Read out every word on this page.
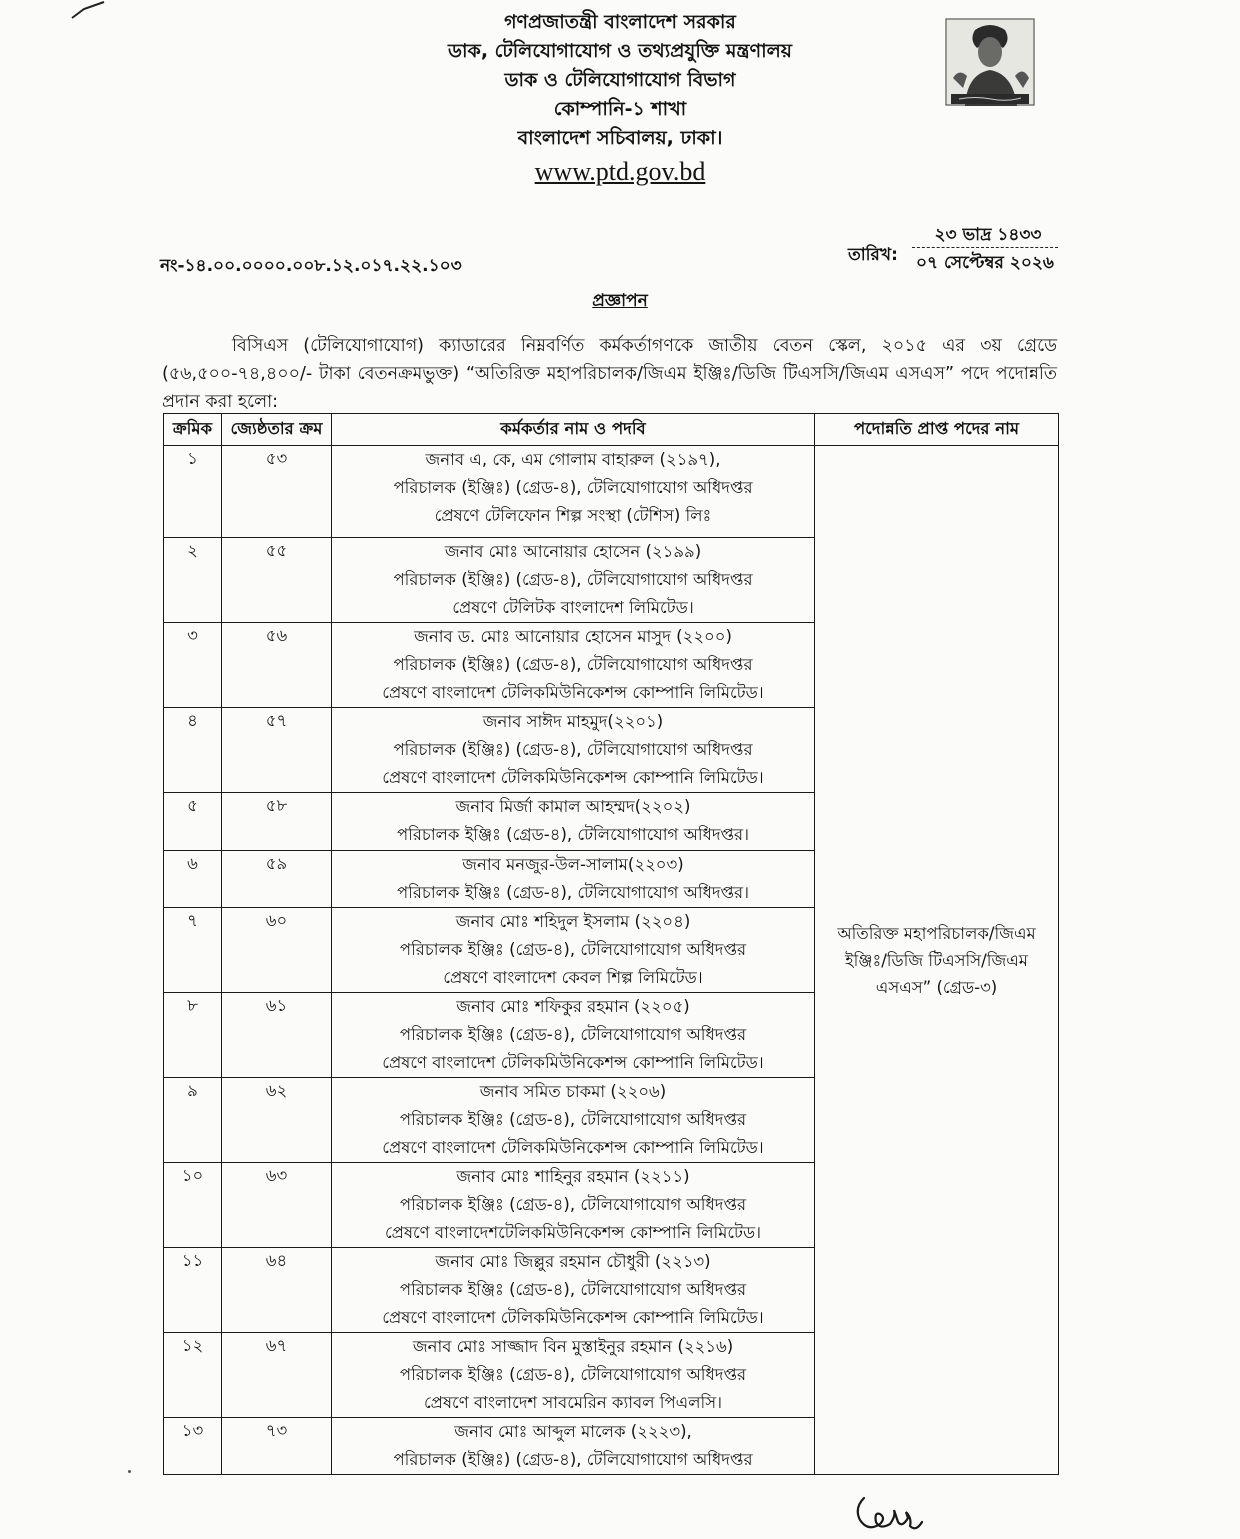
গণপ্রজাতন্ত্রী বাংলাদেশ সরকার
ডাক, টেলিযোগাযোগ ও তথ্যপ্রযুক্তি মন্ত্রণালয়
ডাক ও টেলিযোগাযোগ বিভাগ
কোম্পানি-১ শাখা
বাংলাদেশ সচিবালয়, ঢাকা।
www.ptd.gov.bd
নং-১৪.০০.০০০০.০০৮.১২.০১৭.২২.১০৩
তারিখ:
২৩ ভাদ্র ১৪৩৩
০৭ সেপ্টেম্বর ২০২৬
প্রজ্ঞাপন
বিসিএস (টেলিযোগাযোগ) ক্যাডারের নিম্নবর্ণিত কর্মকর্তাগণকে জাতীয় বেতন স্কেল, ২০১৫ এর ৩য় গ্রেডে (৫৬,৫০০-৭৪,৪০০/- টাকা বেতনক্রমভুক্ত) “অতিরিক্ত মহাপরিচালক/জিএম ইঞ্জিঃ/ডিজি টিএসসি/জিএম এসএস” পদে পদোন্নতি প্রদান করা হলো:
ক্রমিক	জ্যেষ্ঠতার ক্রম	কর্মকর্তার নাম ও পদবি	পদোন্নতি প্রাপ্ত পদের নাম
১	৫৩	জনাব এ, কে, এম গোলাম বাহারুল (২১৯৭),
পরিচালক (ইঞ্জিঃ) (গ্রেড-৪), টেলিযোগাযোগ অধিদপ্তর
প্রেষণে টেলিফোন শিল্প সংস্থা (টেশিস) লিঃ	অতিরিক্ত মহাপরিচালক/জিএম ইঞ্জিঃ/ডিজি টিএসসি/জিএম এসএস” (গ্রেড-৩)
২	৫৫	জনাব মোঃ আনোয়ার হোসেন (২১৯৯)
পরিচালক (ইঞ্জিঃ) (গ্রেড-৪), টেলিযোগাযোগ অধিদপ্তর
প্রেষণে টেলিটক বাংলাদেশ লিমিটেড।	

৩	৫৬	জনাব ড. মোঃ আনোয়ার হোসেন মাসুদ (২২০০)
পরিচালক (ইঞ্জিঃ) (গ্রেড-৪), টেলিযোগাযোগ অধিদপ্তর
প্রেষণে বাংলাদেশ টেলিকমিউনিকেশন্স কোম্পানি লিমিটেড।	

৪	৫৭	জনাব সাঈদ মাহমুদ(২২০১)
পরিচালক (ইঞ্জিঃ) (গ্রেড-৪), টেলিযোগাযোগ অধিদপ্তর
প্রেষণে বাংলাদেশ টেলিকমিউনিকেশন্স কোম্পানি লিমিটেড।	

৫	৫৮	জনাব মির্জা কামাল আহম্মদ(২২০২)
পরিচালক ইঞ্জিঃ (গ্রেড-৪), টেলিযোগাযোগ অধিদপ্তর।	

৬	৫৯	জনাব মনজুর-উল-সালাম(২২০৩)
পরিচালক ইঞ্জিঃ (গ্রেড-৪), টেলিযোগাযোগ অধিদপ্তর।	

৭	৬০	জনাব মোঃ শহিদুল ইসলাম (২২০৪)
পরিচালক ইঞ্জিঃ (গ্রেড-৪), টেলিযোগাযোগ অধিদপ্তর
প্রেষণে বাংলাদেশ কেবল শিল্প লিমিটেড।	

৮	৬১	জনাব মোঃ শফিকুর রহমান (২২০৫)
পরিচালক ইঞ্জিঃ (গ্রেড-৪), টেলিযোগাযোগ অধিদপ্তর
প্রেষণে বাংলাদেশ টেলিকমিউনিকেশন্স কোম্পানি লিমিটেড।	

৯	৬২	জনাব সমিত চাকমা (২২০৬)
পরিচালক ইঞ্জিঃ (গ্রেড-৪), টেলিযোগাযোগ অধিদপ্তর
প্রেষণে বাংলাদেশ টেলিকমিউনিকেশন্স কোম্পানি লিমিটেড।	

১০	৬৩	জনাব মোঃ শাহিনুর রহমান (২২১১)
পরিচালক ইঞ্জিঃ (গ্রেড-৪), টেলিযোগাযোগ অধিদপ্তর
প্রেষণে বাংলাদেশটেলিকমিউনিকেশন্স কোম্পানি লিমিটেড।	

১১	৬৪	জনাব মোঃ জিল্লুর রহমান চৌধুরী (২২১৩)
পরিচালক ইঞ্জিঃ (গ্রেড-৪), টেলিযোগাযোগ অধিদপ্তর
প্রেষণে বাংলাদেশ টেলিকমিউনিকেশন্স কোম্পানি লিমিটেড।	

১২	৬৭	জনাব মোঃ সাজ্জাদ বিন মুস্তাইনুর রহমান (২২১৬)
পরিচালক ইঞ্জিঃ (গ্রেড-৪), টেলিযোগাযোগ অধিদপ্তর
প্রেষণে বাংলাদেশ সাবমেরিন ক্যাবল পিএলসি।	

১৩	৭৩	জনাব মোঃ আব্দুল মালেক (২২২৩),
পরিচালক (ইঞ্জিঃ) (গ্রেড-৪), টেলিযোগাযোগ অধিদপ্তর	
